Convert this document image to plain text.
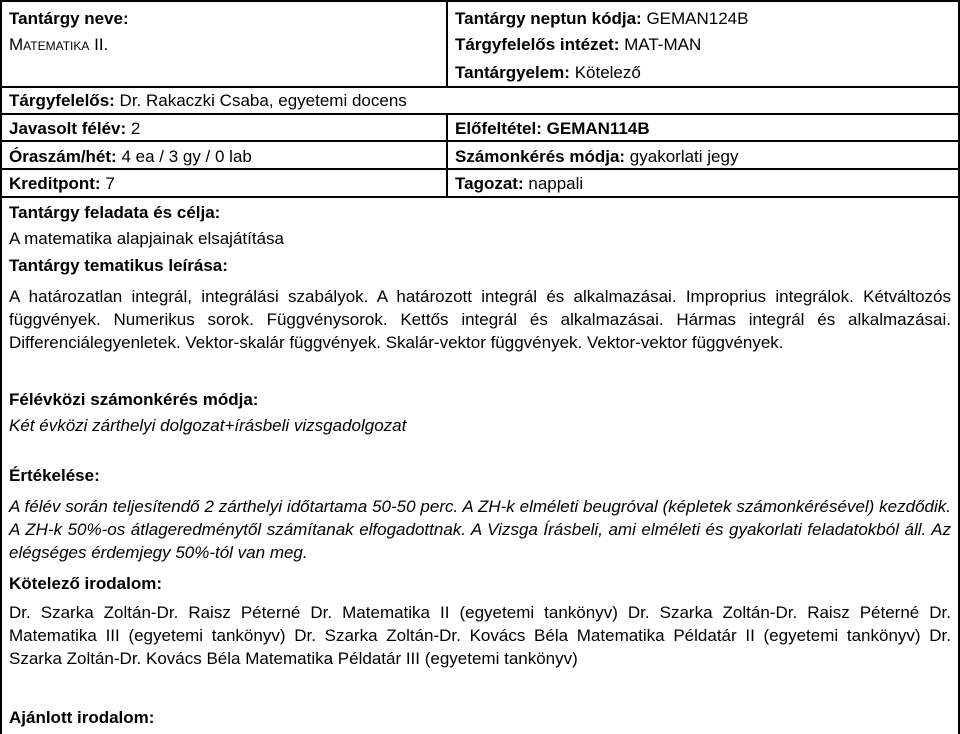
Tantárgy neve:
Matematika II.
Tantárgy neptun kódja: GEMAN124B
Tárgyfelelős intézet: MAT-MAN
Tantárgyelem: Kötelező
Tárgyfelelős: Dr. Rakaczki Csaba, egyetemi docens
Javasolt félév: 2	Előfeltétel: GEMAN114B
Óraszám/hét: 4 ea / 3 gy / 0 lab	Számonkérés módja: gyakorlati jegy
Kreditpont: 7	Tagozat: nappali
Tantárgy feladata és célja:
A matematika alapjainak elsajátítása
Tantárgy tematikus leírása:
A határozatlan integrál, integrálási szabályok. A határozott integrál és alkalmazásai. Improprius integrálok. Kétváltozós függvények. Numerikus sorok. Függvénysorok. Kettős integrál és alkalmazásai. Hármas integrál és alkalmazásai. Differenciálegyenletek. Vektor-skalár függvények. Skalár-vektor függvények. Vektor-vektor függvények.
Félévközi számonkérés módja:
Két évközi zárthelyi dolgozat+írásbeli vizsgadolgozat
Értékelése:
A félév során teljesítendő 2 zárthelyi időtartama 50-50 perc. A ZH-k elméleti beugróval (képletek számonkérésével) kezdődik. A ZH-k 50%-os átlageredménytől számítanak elfogadottnak. A Vizsga Írásbeli, ami elméleti és gyakorlati feladatokból áll. Az elégséges érdemjegy 50%-tól van meg.
Kötelező irodalom:
Dr. Szarka Zoltán-Dr. Raisz Péterné Dr. Matematika II (egyetemi tankönyv) Dr. Szarka Zoltán-Dr. Raisz Péterné Dr. Matematika III (egyetemi tankönyv) Dr. Szarka Zoltán-Dr. Kovács Béla Matematika Példatár II (egyetemi tankönyv) Dr. Szarka Zoltán-Dr. Kovács Béla Matematika Példatár III (egyetemi tankönyv)
Ajánlott irodalom:
